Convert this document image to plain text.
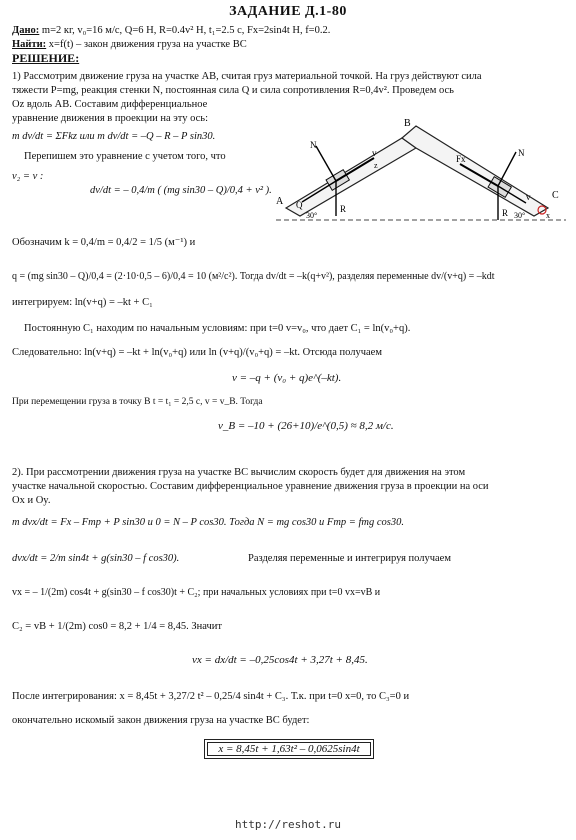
ЗАДАНИЕ Д.1-80
Дано: m=2 кг, v₀=16 м/с, Q=6 Н, R=0.4v² Н, t₁=2.5 с, Fx=2sin4t Н, f=0.2.
Найти: x=f(t) – закон движения груза на участке BC
РЕШЕНИЕ:
1) Рассмотрим движение груза на участке AB, считая груз материальной точкой. На груз действуют сила
тяжести P=mg, реакция стенки N, постоянная сила Q и сила сопротивления R=0,4v². Проведем ось
Oz вдоль AB. Составим дифференциальное
уравнение движения в проекции на эту ось:
m dv/dt = ΣFkz или m dv/dt = –Q – R – P sin30.
Перепишем это уравнение с учетом того, что
v₂ = v :
dv/dt = – 0,4/m ( (mg sin30 – Q)/0,4 + v² ).
Обозначим k = 0,4/m = 0,4/2 = 1/5 (м⁻¹) и
q = (mg sin30 – Q)/0,4 = (2·10·0,5 – 6)/0,4 = 10 (м²/с²). Тогда dv/dt = –k(q+v²), разделяя переменные dv/(v+q) = –kdt
интегрируем: ln(v+q) = –kt + C₁
Постоянную C₁ находим по начальным условиям: при t=0 v=v₀, что дает C₁ = ln(v₀+q).
Следовательно: ln(v+q) = –kt + ln(v₀+q) или ln (v+q)/(v₀+q) = –kt. Отсюда получаем
v = –q + (v₀ + q)e^(–kt).
При перемещении груза в точку B t = t₁ = 2,5 c, v = v_B. Тогда
v_B = –10 + (26+10)/e^(0,5) ≈ 8,2 м/с.
2). При рассмотрении движения груза на участке BC вычислим скорость будет для движения на этом
участке начальной скоростью. Составим дифференциальное уравнение движения груза в проекции на оси
Ox и Oy.
m dvx/dt = Fx – Fтр + P sin30 и 0 = N – P cos30. Тогда N = mg cos30 и Fтр = fmg cos30.
dvx/dt = 2/m sin4t + g(sin30 – f cos30).	Разделяя переменные и интегрируя получаем
vx = – 1/(2m) cos4t + g(sin30 – f cos30)t + C₂; при начальных условиях при t=0 vx=vB и
C₂ = vB + 1/(2m) cos0 = 8,2 + 1/4 = 8,45. Значит
vx = dx/dt = –0,25cos4t + 3,27t + 8,45.
После интегрирования: x = 8,45t + 3,27/2 t² – 0,25/4 sin4t + C₃. Т.к. при t=0 x=0, то C₃=0 и
окончательно искомый закон движения груза на участке BC будет:
x = 8,45t + 1,63t² – 0,0625sin4t
http://reshot.ru
B
A
C
N
N
v
v
Q	R	R
Fx
30°	30°	x
z
